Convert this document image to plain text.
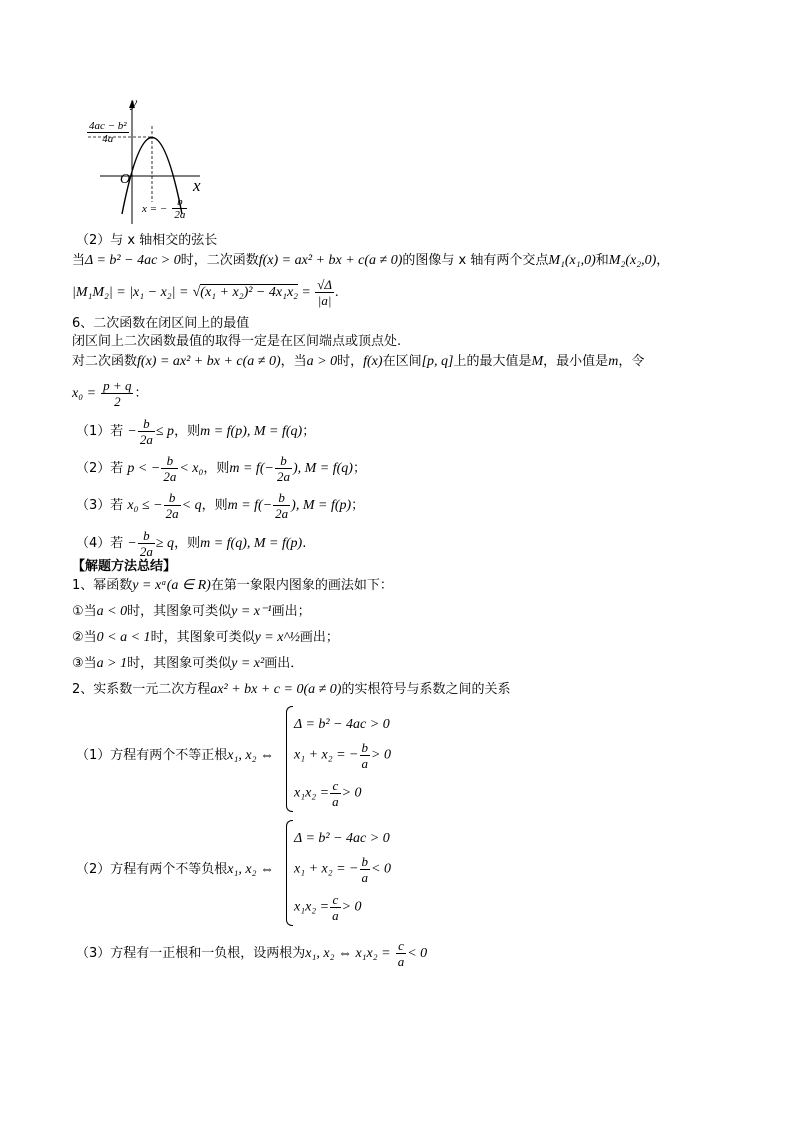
y
x
O
$\frac{\text{4ac − b²}}{4a}$
x = − $\frac{b}{2a}$
（2）与 x 轴相交的弦长
当Δ = b² − 4ac > 0时，二次函数f(x) = ax² + bx + c(a ≠ 0)的图像与 x 轴有两个交点M₁(x₁,0)和M₂(x₂,0)，
$|M_1M_2| = |x_1 - x_2| = √(x_1 + x_2)^2 - 4x_1x_2 = \frac{√\Delta}{|a|}$ .
6、二次函数在闭区间上的最值
闭区间上二次函数最值的取得一定是在区间端点或顶点处.
对二次函数f(x) = ax² + bx + c(a ≠ 0)，当a > 0时，f(x)在区间[p, q]上的最大值是M，最小值是m，令
$x_0 = \frac{p + q}{2}$ ：
（1）若 − $\frac{b}{2a} \le p$，则m = f(p), M = f(q)；
（2）若 p < − $\frac{b}{2a} < x_0$，则$m = f(- \frac{b}{2a}$ ), M = f(q)；
（3）若 x₀ ≤ − $\frac{b}{2a} < q$，则$m = f(- \frac{b}{2a}$ ), M = f(p)；
（4）若 − $\frac{b}{2a} \ge q$，则m = f(q), M = f(p).
【解题方法总结】
1、幂函数y = xᵃ(a ∈ R)在第一象限内图象的画法如下：
①当a < 0时，其图象可类似y = x⁻¹画出；
②当0 < a < 1时，其图象可类似y = x^½画出；
③当a > 1时，其图象可类似y = x²画出．
2、实系数一元二次方程ax² + bx + c = 0(a ≠ 0)的实根符号与系数之间的关系
（1）方程有两个不等正根x₁, x₂ ⇔
Δ = b² − 4ac > 0
x₁ + x₂ = − $\frac{b}{a} > 0$
$x_1x_2 = \frac{c}{a} > 0$
（2）方程有两个不等负根x₁, x₂ ⇔
Δ = b² − 4ac > 0
x₁ + x₂ = − $\frac{b}{a} < 0$
$x_1x_2 = \frac{c}{a} > 0$
（3）方程有一正根和一负根，设两根为x₁, x₂ ⇔ $x_1x_2 = \frac{c}{a} < 0$
